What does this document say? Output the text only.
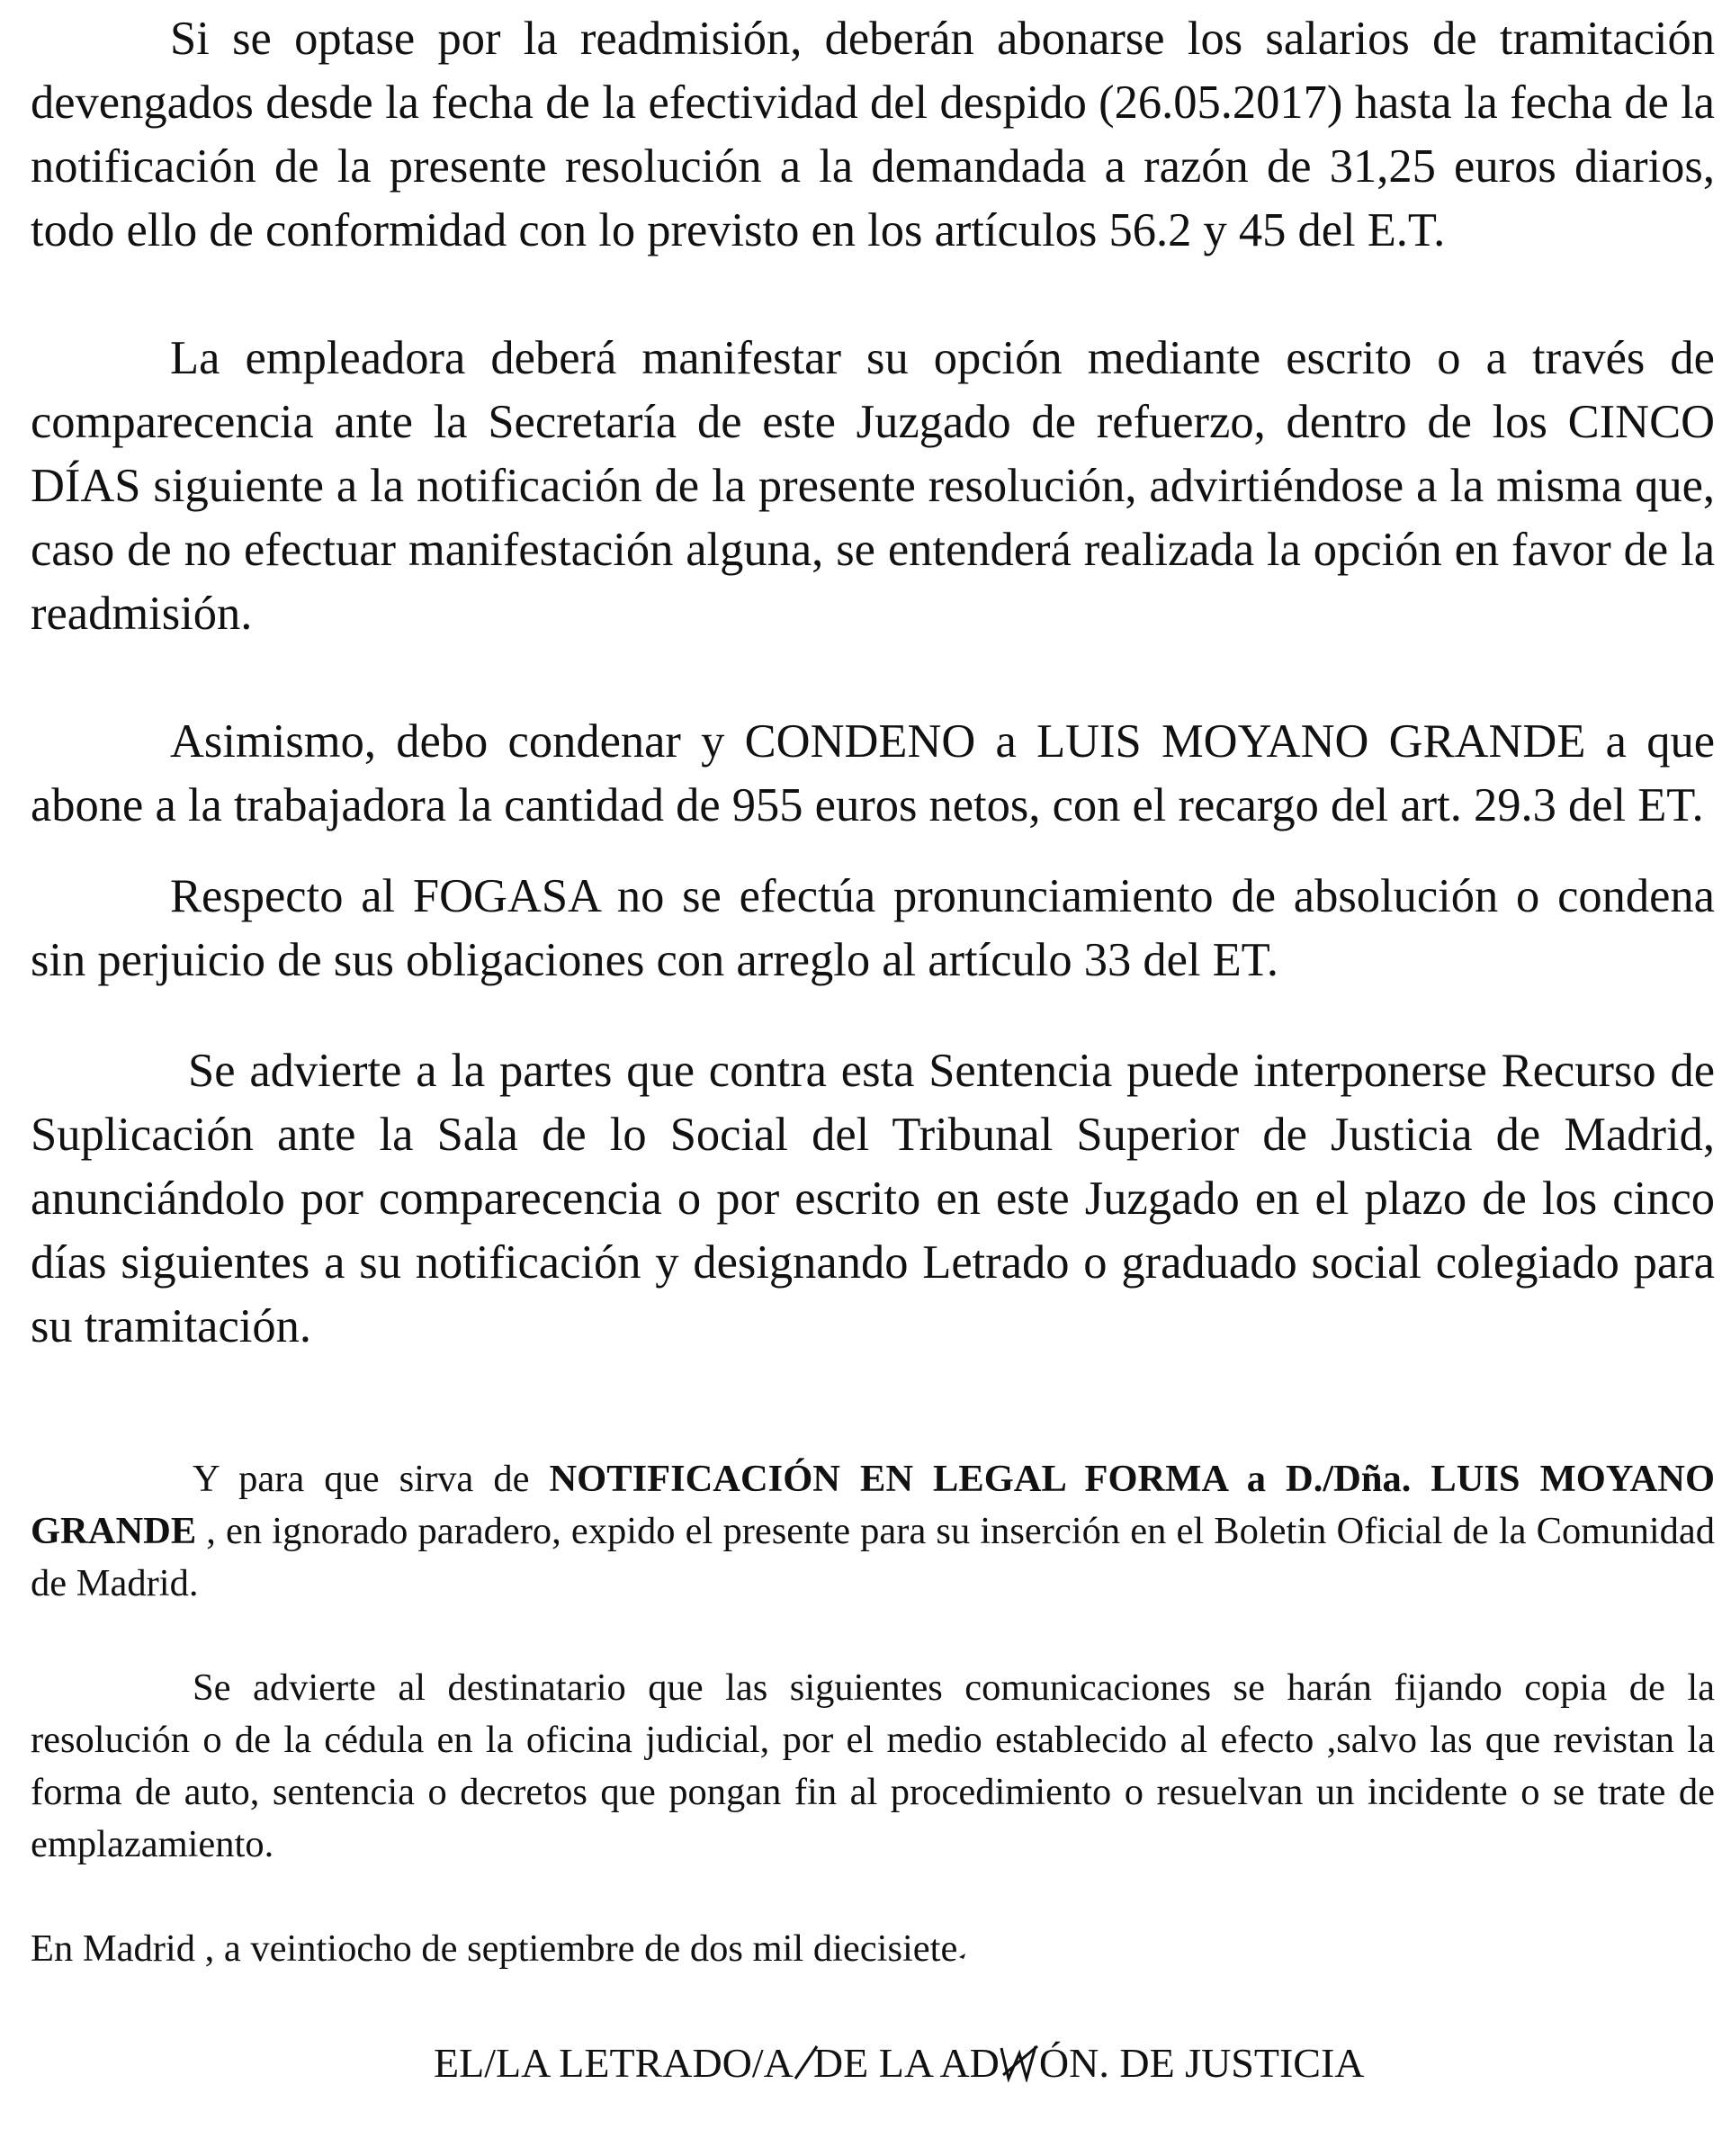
Si se optase por la readmisión, deberán abonarse los salarios de tramitación devengados desde la fecha de la efectividad del despido (26.05.2017) hasta la fecha de la notificación de la presente resolución a la demandada a razón de 31,25 euros diarios, todo ello de conformidad con lo previsto en los artículos 56.2 y 45 del E.T.

La empleadora deberá manifestar su opción mediante escrito o a través de comparecencia ante la Secretaría de este Juzgado de refuerzo, dentro de los CINCO DÍAS siguiente a la notificación de la presente resolución, advirtiéndose a la misma que, caso de no efectuar manifestación alguna, se entenderá realizada la opción en favor de la readmisión.

Asimismo, debo condenar y CONDENO a LUIS MOYANO GRANDE a que abone a la trabajadora la cantidad de 955 euros netos, con el recargo del art. 29.3 del ET.

Respecto al FOGASA no se efectúa pronunciamiento de absolución o condena sin perjuicio de sus obligaciones con arreglo al artículo 33 del ET.

Se advierte a la partes que contra esta Sentencia puede interponerse Recurso de Suplicación ante la Sala de lo Social del Tribunal Superior de Justicia de Madrid, anunciándolo por comparecencia o por escrito en este Juzgado en el plazo de los cinco días siguientes a su notificación y designando Letrado o graduado social colegiado para su tramitación.

Y para que sirva de NOTIFICACIÓN EN LEGAL FORMA a D./Dña. LUIS MOYANO GRANDE , en ignorado paradero, expido el presente para su inserción en el Boletin Oficial de la Comunidad de Madrid.

Se advierte al destinatario que las siguientes comunicaciones se harán fijando copia de la resolución o de la cédula en la oficina judicial, por el medio establecido al efecto ,salvo las que revistan la forma de auto, sentencia o decretos que pongan fin al procedimiento o resuelvan un incidente o se trate de emplazamiento.

En Madrid , a veintiocho de septiembre de dos mil diecisiete

EL/LA LETRADO/A DE LA AD ÓN. DE JUSTICIA
